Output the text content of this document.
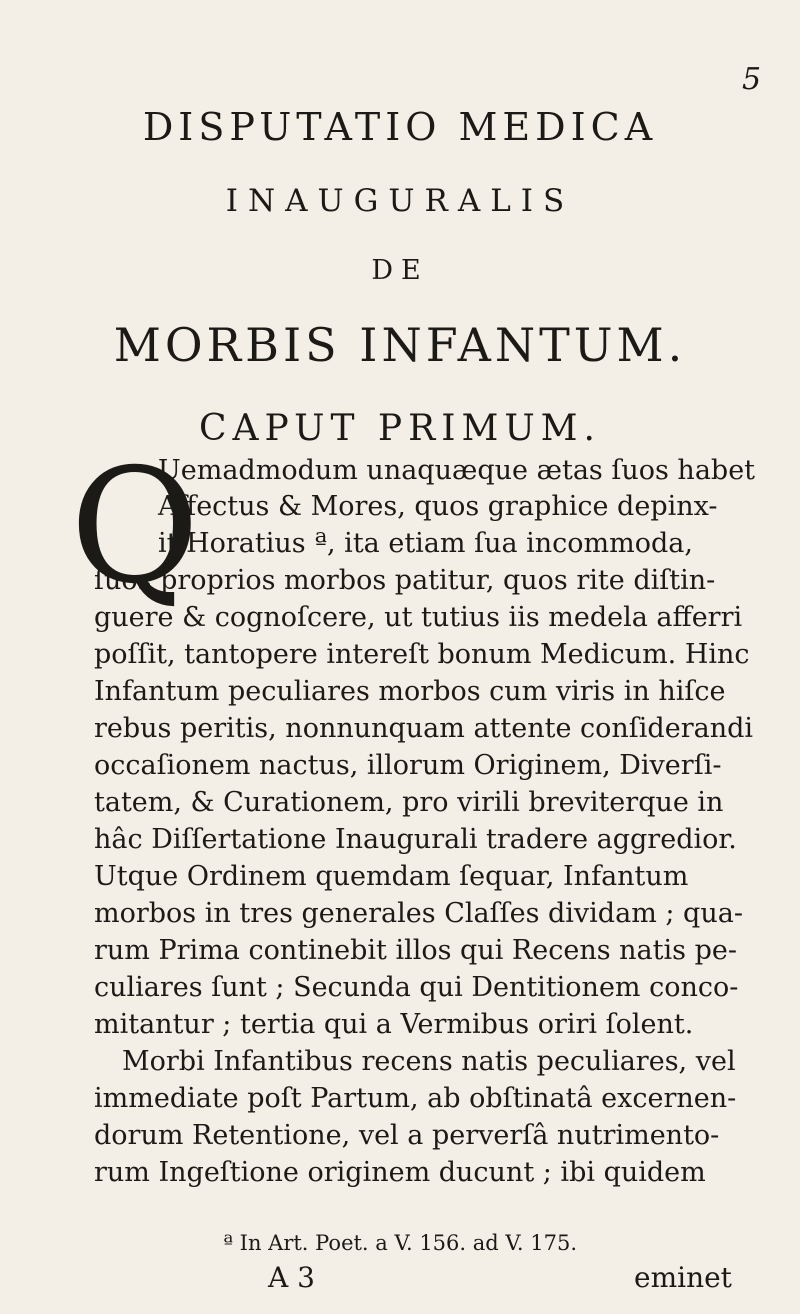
5
DISPUTATIO MEDICA
INAUGURALIS
DE
MORBIS INFANTUM.
CAPUT PRIMUM.
Q
Uemadmodum unaquæque ætas ſuos habet
Affectus & Mores, quos graphice depinx-
it Horatius ª, ita etiam ſua incommoda,
ſuos proprios morbos patitur, quos rite diſtin-
guere & cognoſcere, ut tutius iis medela afferri
poſſit, tantopere intereſt bonum Medicum. Hinc
Infantum peculiares morbos cum viris in hiſce
rebus peritis, nonnunquam attente conſiderandi
occaſionem nactus, illorum Originem, Diverſi-
tatem, & Curationem, pro virili breviterque in
hâc Diſſertatione Inaugurali tradere aggredior.
Utque Ordinem quemdam ſequar, Infantum
morbos in tres generales Claſſes dividam ; qua-
rum Prima continebit illos qui Recens natis pe-
culiares ſunt ; Secunda qui Dentitionem conco-
mitantur ; tertia qui a Vermibus oriri ſolent.
Morbi Infantibus recens natis peculiares, vel
immediate poſt Partum, ab obſtinatâ excernen-
dorum Retentione, vel a perverſâ nutrimento-
rum Ingeſtione originem ducunt ; ibi quidem
ª In Art. Poet. a V. 156. ad V. 175.
A 3	eminet
